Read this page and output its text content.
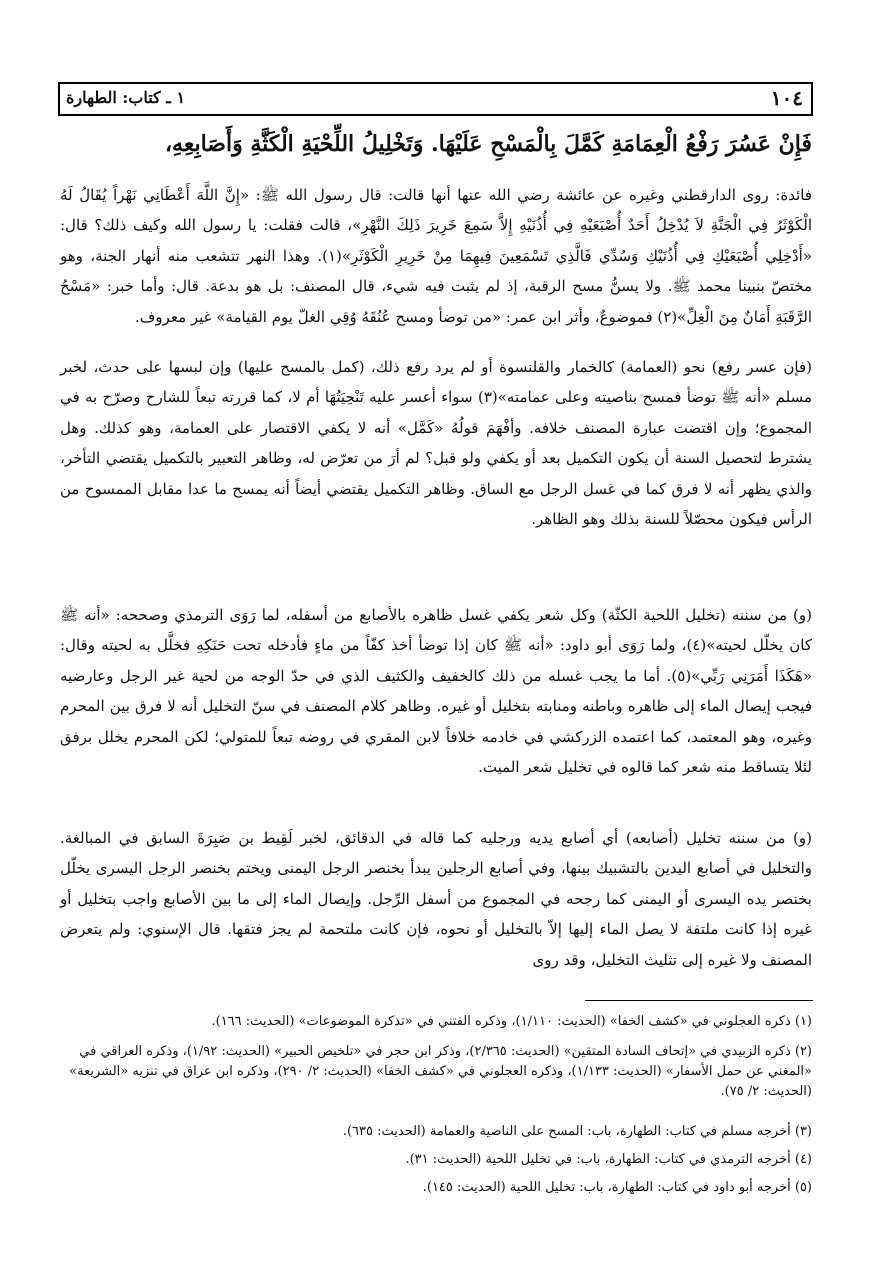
١ ـ كتاب: الطهارة	١٠٤
فَإِنْ عَسُرَ رَفْعُ الْعِمَامَةِ كَمَّلَ بِالْمَسْحِ عَلَيْهَا. وَتَخْلِيلُ اللِّحْيَةِ الْكَثَّةِ وَأَصَابِعِهِ،

فائدة: روى الدارقطني وغيره عن عائشة رضي الله عنها أنها قالت: قال رسول الله ﷺ: «إِنَّ اللَّهَ أَعْطَانِي نَهْراً يُقَالُ لَهُ الْكَوْثَرُ فِي الْجَنَّةِ لاَ يُدْخِلُ أَحَدٌ أُصْبَعَيْهِ فِي أُذُنَيْهِ إِلاَّ سَمِعَ خَرِيرَ ذَلِكَ النَّهْرِ»، قالت فقلت: يا رسول الله وكيف ذلك؟ قال: «أَدْخِلِي أُصْبَعَيْكِ فِي أُذُنَيْكِ وَسُدِّي فَالَّذِي تَسْمَعِينَ فِيهِمَا مِنْ خَرِيرِ الْكَوْثَرِ»(١). وهذا النهر تتشعب منه أنهار الجنة، وهو مختصّ بنبينا محمد ﷺ. ولا يسنُّ مسح الرقبة، إذ لم يثبت فيه شيء، قال المصنف: بل هو بدعة. قال: وأما خبر: «مَسْحُ الرَّقَبَةِ أَمَانٌ مِنَ الْغِلِّ»(٢) فموضوعٌ، وأثر ابن عمر: «من توضأ ومسح عُنُقَهُ وُقِي الغلّ يوم القيامة» غير معروف.

(فإن عسر رفع) نحو (العمامة) كالخمار والقلنسوة أو لم يرد رفع ذلك، (كمل بالمسح عليها) وإن لبسها على حدث، لخبر مسلم «أنه ﷺ توضأ فمسح بناصيته وعلى عمامته»(٣) سواء أعسر عليه تَنْحِيَتُهَا أم لا، كما قررته تبعاً للشارح وصرّح به في المجموع؛ وإن اقتضت عبارة المصنف خلافه. وأفْهَمَ قولُهُ «كَمَّل» أنه لا يكفي الاقتصار على العمامة، وهو كذلك. وهل يشترط لتحصيل السنة أن يكون التكميل بعد أو يكفي ولو قبل؟ لم أرَ من تعرّض له، وظاهر التعبير بالتكميل يقتضي التأخر، والذي يظهر أنه لا فرق كما في غسل الرجل مع الساق. وظاهر التكميل يقتضي أيضاً أنه يمسح ما عدا مقابل الممسوح من الرأس فيكون محصّلاً للسنة بذلك وهو الظاهر.

(و) من سننه (تخليل اللحية الكثّة) وكل شعر يكفي غسل ظاهره بالأصابع من أسفله، لما رَوَى الترمذي وصححه: «أنه ﷺ كان يخلّل لحيته»(٤)، ولما رَوَى أبو داود: «أنه ﷺ كان إذا توضأ أخذ كفّاً من ماءٍ فأدخله تحت حَنَكِهِ فخلَّل به لحيته وقال: «هَكَذَا أَمَرَنِي رَبِّي»(٥). أما ما يجب غسله من ذلك كالخفيف والكثيف الذي في حدّ الوجه من لحية غير الرجل وعارضيه فيجب إيصال الماء إلى ظاهره وباطنه ومنابته بتخليل أو غيره. وظاهر كلام المصنف في سنّ التخليل أنه لا فرق بين المحرم وغيره، وهو المعتمد، كما اعتمده الزركشي في خادمه خلافاً لابن المقري في روضه تبعاً للمتولي؛ لكن المحرم يخلل برفق لئلا يتساقط منه شعر كما قالوه في تخليل شعر الميت.

(و) من سننه تخليل (أصابعه) أي أصابع يديه ورجليه كما قاله في الدقائق، لخبر لَقِيط بن صَبِرَةَ السابق في المبالغة. والتخليل في أصابع اليدين بالتشبيك بينها، وفي أصابع الرجلين يبدأ بخنصر الرجل اليمنى ويختم بخنصر الرجل اليسرى يخلّل بخنصر يده اليسرى أو اليمنى كما رجحه في المجموع من أسفل الرِّجل. وإيصال الماء إلى ما بين الأصابع واجب بتخليل أو غيره إذا كانت ملتفة لا يصل الماء إليها إلاّ بالتخليل أو نحوه، فإن كانت ملتحمة لم يجز فتقها. قال الإسنوي: ولم يتعرض المصنف ولا غيره إلى تثليث التخليل، وقد روى

(١) ذكره العجلوني في «كشف الخفا» (الحديث: ١/١١٠)، وذكره الفتني في «تذكرة الموضوعات» (الحديث: ١٦٦).

(٢) ذكره الزبيدي في «إتحاف السادة المتقين» (الحديث: ٢/٣٦٥)، وذكر ابن حجر في «تلخيص الحبير» (الحديث: ١/٩٢)، وذكره العراقي في «المغني عن حمل الأسفار» (الحديث: ١/١٣٣)، وذكره العجلوني في «كشف الخفا» (الحديث: ٢/ ٢٩٠)، وذكره ابن عراق في تنزيه «الشريعة» (الحديث: ٢/ ٧٥).

(٣) أخرجه مسلم في كتاب: الطهارة، باب: المسح على الناصية والعمامة (الحديث: ٦٣٥).

(٤) أخرجه الترمذي في كتاب: الطهارة، باب: في تخليل اللحية (الحديث: ٣١).

(٥) أخرجه أبو داود في كتاب: الطهارة، باب: تخليل اللحية (الحديث: ١٤٥).
